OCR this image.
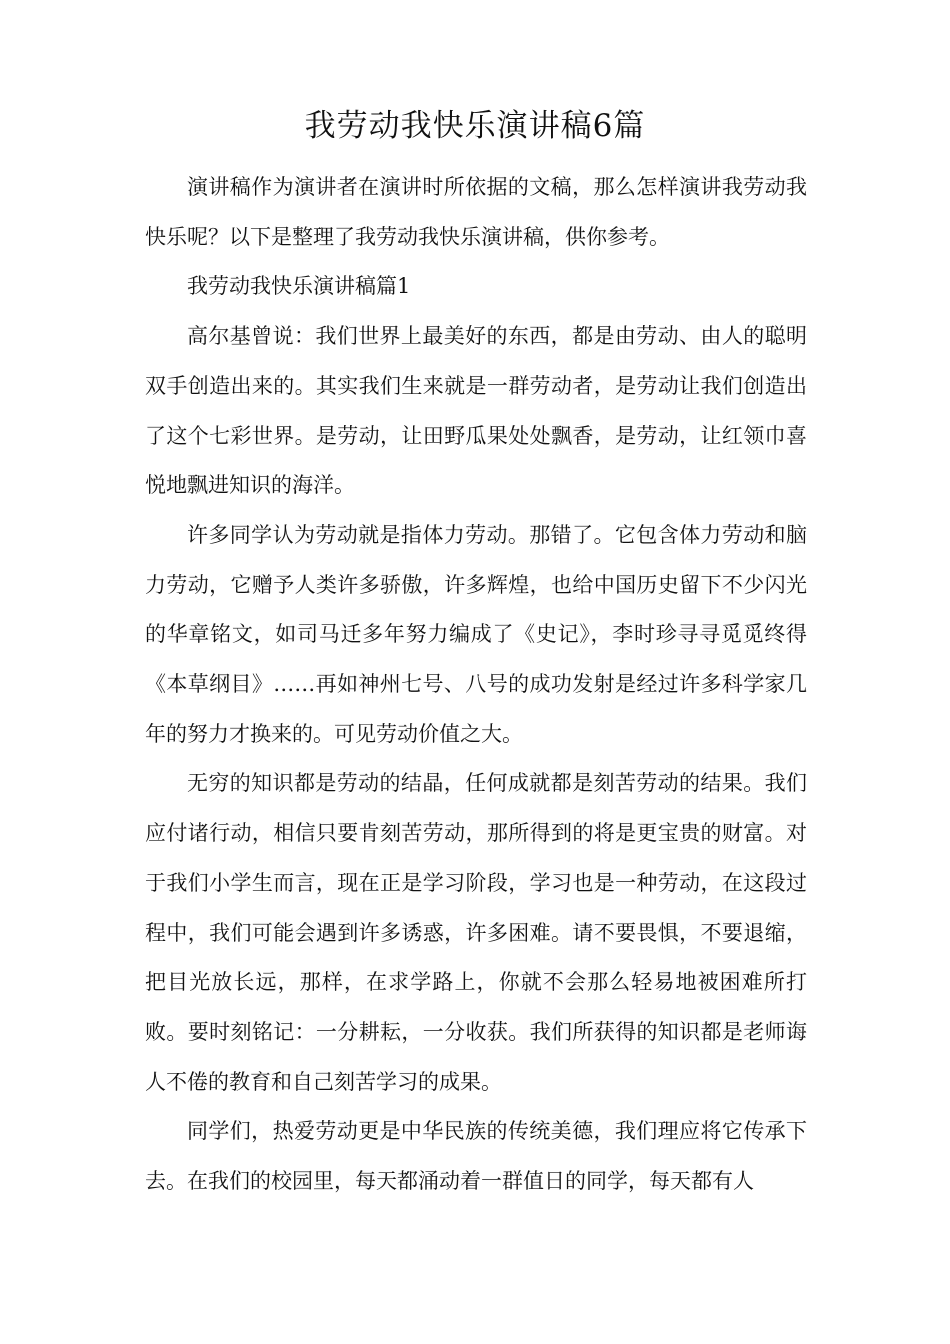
我劳动我快乐演讲稿6篇

演讲稿作为演讲者在演讲时所依据的文稿，那么怎样演讲我劳动我快乐呢？以下是整理了我劳动我快乐演讲稿，供你参考。

我劳动我快乐演讲稿篇1

高尔基曾说：我们世界上最美好的东西，都是由劳动、由人的聪明双手创造出来的。其实我们生来就是一群劳动者，是劳动让我们创造出了这个七彩世界。是劳动，让田野瓜果处处飘香，是劳动，让红领巾喜悦地飘进知识的海洋。

许多同学认为劳动就是指体力劳动。那错了。它包含体力劳动和脑力劳动，它赠予人类许多骄傲，许多辉煌，也给中国历史留下不少闪光的华章铭文，如司马迁多年努力编成了《史记》，李时珍寻寻觅觅终得《本草纲目》……再如神州七号、八号的成功发射是经过许多科学家几年的努力才换来的。可见劳动价值之大。

无穷的知识都是劳动的结晶，任何成就都是刻苦劳动的结果。我们应付诸行动，相信只要肯刻苦劳动，那所得到的将是更宝贵的财富。对于我们小学生而言，现在正是学习阶段，学习也是一种劳动，在这段过程中，我们可能会遇到许多诱惑，许多困难。请不要畏惧，不要退缩，把目光放长远，那样，在求学路上，你就不会那么轻易地被困难所打败。要时刻铭记：一分耕耘，一分收获。我们所获得的知识都是老师诲人不倦的教育和自己刻苦学习的成果。

同学们，热爱劳动更是中华民族的传统美德，我们理应将它传承下去。在我们的校园里，每天都涌动着一群值日的同学，每天都有人
